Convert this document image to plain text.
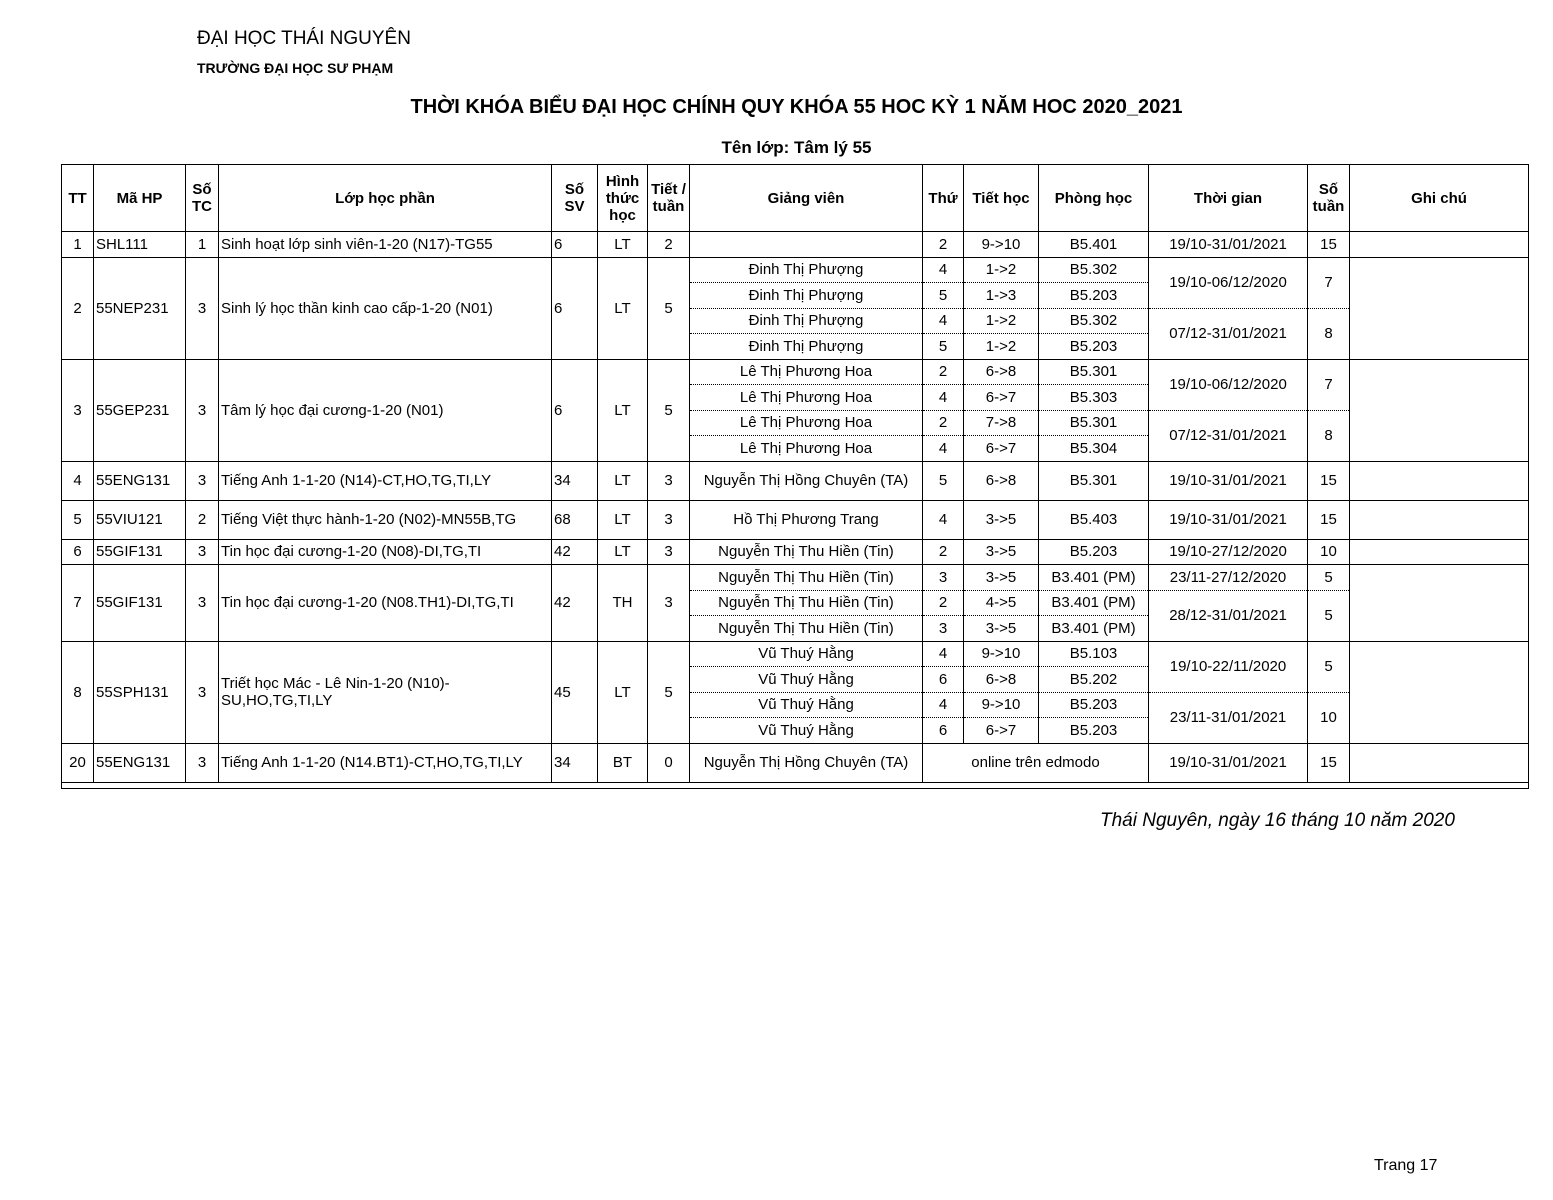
ĐẠI HỌC THÁI NGUYÊN
TRƯỜNG ĐẠI HỌC SƯ PHẠM
THỜI KHÓA BIỂU ĐẠI HỌC CHÍNH QUY KHÓA 55 HOC KỲ 1 NĂM HOC 2020_2021
Tên lớp: Tâm lý 55
TT	Mã HP	Số TC	Lớp học phần	Số SV	Hình thức học	Tiết / tuần	Giảng viên	Thứ	Tiết học	Phòng học	Thời gian	Số tuần	Ghi chú
1	SHL111	1	Sinh hoạt lớp sinh viên-1-20 (N17)-TG55	6	LT	2		2	9->10	B5.401	19/10-31/01/2021	15	
2	55NEP231	3	Sinh lý học thần kinh cao cấp-1-20 (N01)	6	LT	5	Đinh Thị Phượng	4	1->2	B5.302	19/10-06/12/2020	7	
							Đinh Thị Phượng	5	1->3	B5.203			
							Đinh Thị Phượng	4	1->2	B5.302	07/12-31/01/2021	8	
							Đinh Thị Phượng	5	1->2	B5.203			
3	55GEP231	3	Tâm lý học đại cương-1-20 (N01)	6	LT	5	Lê Thị Phương Hoa	2	6->8	B5.301	19/10-06/12/2020	7	
							Lê Thị Phương Hoa	4	6->7	B5.303			
							Lê Thị Phương Hoa	2	7->8	B5.301	07/12-31/01/2021	8	
							Lê Thị Phương Hoa	4	6->7	B5.304			
4	55ENG131	3	Tiếng Anh 1-1-20 (N14)-CT,HO,TG,TI,LY	34	LT	3	Nguyễn Thị Hồng Chuyên (TA)	5	6->8	B5.301	19/10-31/01/2021	15	
5	55VIU121	2	Tiếng Việt thực hành-1-20 (N02)-MN55B,TG	68	LT	3	Hồ Thị Phương Trang	4	3->5	B5.403	19/10-31/01/2021	15	
6	55GIF131	3	Tin học đại cương-1-20 (N08)-DI,TG,TI	42	LT	3	Nguyễn Thị Thu Hiền (Tin)	2	3->5	B5.203	19/10-27/12/2020	10	
7	55GIF131	3	Tin học đại cương-1-20 (N08.TH1)-DI,TG,TI	42	TH	3	Nguyễn Thị Thu Hiền (Tin)	3	3->5	B3.401 (PM)	23/11-27/12/2020	5	
							Nguyễn Thị Thu Hiền (Tin)	2	4->5	B3.401 (PM)	28/12-31/01/2021	5	
							Nguyễn Thị Thu Hiền (Tin)	3	3->5	B3.401 (PM)			
8	55SPH131	3	Triết học Mác - Lê Nin-1-20 (N10)-SU,HO,TG,TI,LY	45	LT	5	Vũ Thuý Hằng	4	9->10	B5.103	19/10-22/11/2020	5	
							Vũ Thuý Hằng	6	6->8	B5.202			
							Vũ Thuý Hằng	4	9->10	B5.203	23/11-31/01/2021	10	
							Vũ Thuý Hằng	6	6->7	B5.203			
20	55ENG131	3	Tiếng Anh 1-1-20 (N14.BT1)-CT,HO,TG,TI,LY	34	BT	0	Nguyễn Thị Hồng Chuyên (TA)	online trên edmodo			19/10-31/01/2021	15	

Thái Nguyên, ngày 16 tháng 10 năm 2020
Trang 17
